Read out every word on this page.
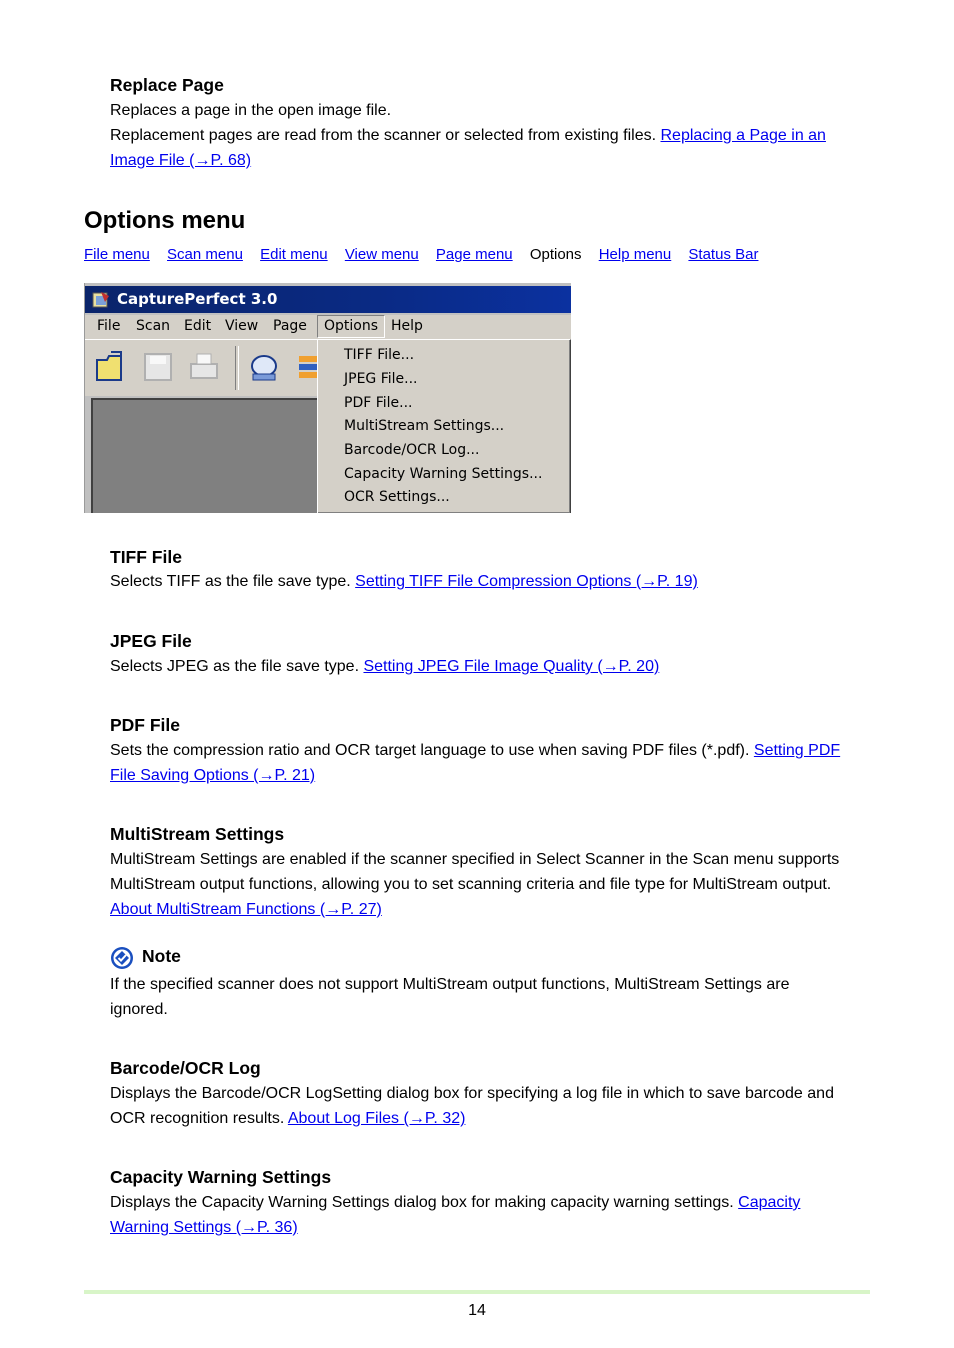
Replace Page
Replaces a page in the open image file.
Replacement pages are read from the scanner or selected from existing files. Replacing a Page in an
Image File (→P. 68)
Options menu
File menu Scan menu Edit menu View menu Page menu Options Help menu Status Bar
CapturePerfect 3.0
File Scan Edit View Page	Options Help
TIFF File...
JPEG File...
PDF File...
MultiStream Settings...
Barcode/OCR Log...
Capacity Warning Settings...
OCR Settings...
TIFF File
Selects TIFF as the file save type. Setting TIFF File Compression Options (→P. 19)
JPEG File
Selects JPEG as the file save type. Setting JPEG File Image Quality (→P. 20)
PDF File
Sets the compression ratio and OCR target language to use when saving PDF files (*.pdf). Setting PDF
File Saving Options (→P. 21)
MultiStream Settings
MultiStream Settings are enabled if the scanner specified in Select Scanner in the Scan menu supports
MultiStream output functions, allowing you to set scanning criteria and file type for MultiStream output.
About MultiStream Functions (→P. 27)
Note
If the specified scanner does not support MultiStream output functions, MultiStream Settings are
ignored.
Barcode/OCR Log
Displays the Barcode/OCR LogSetting dialog box for specifying a log file in which to save barcode and
OCR recognition results. About Log Files (→P. 32)
Capacity Warning Settings
Displays the Capacity Warning Settings dialog box for making capacity warning settings. Capacity
Warning Settings (→P. 36)
14
